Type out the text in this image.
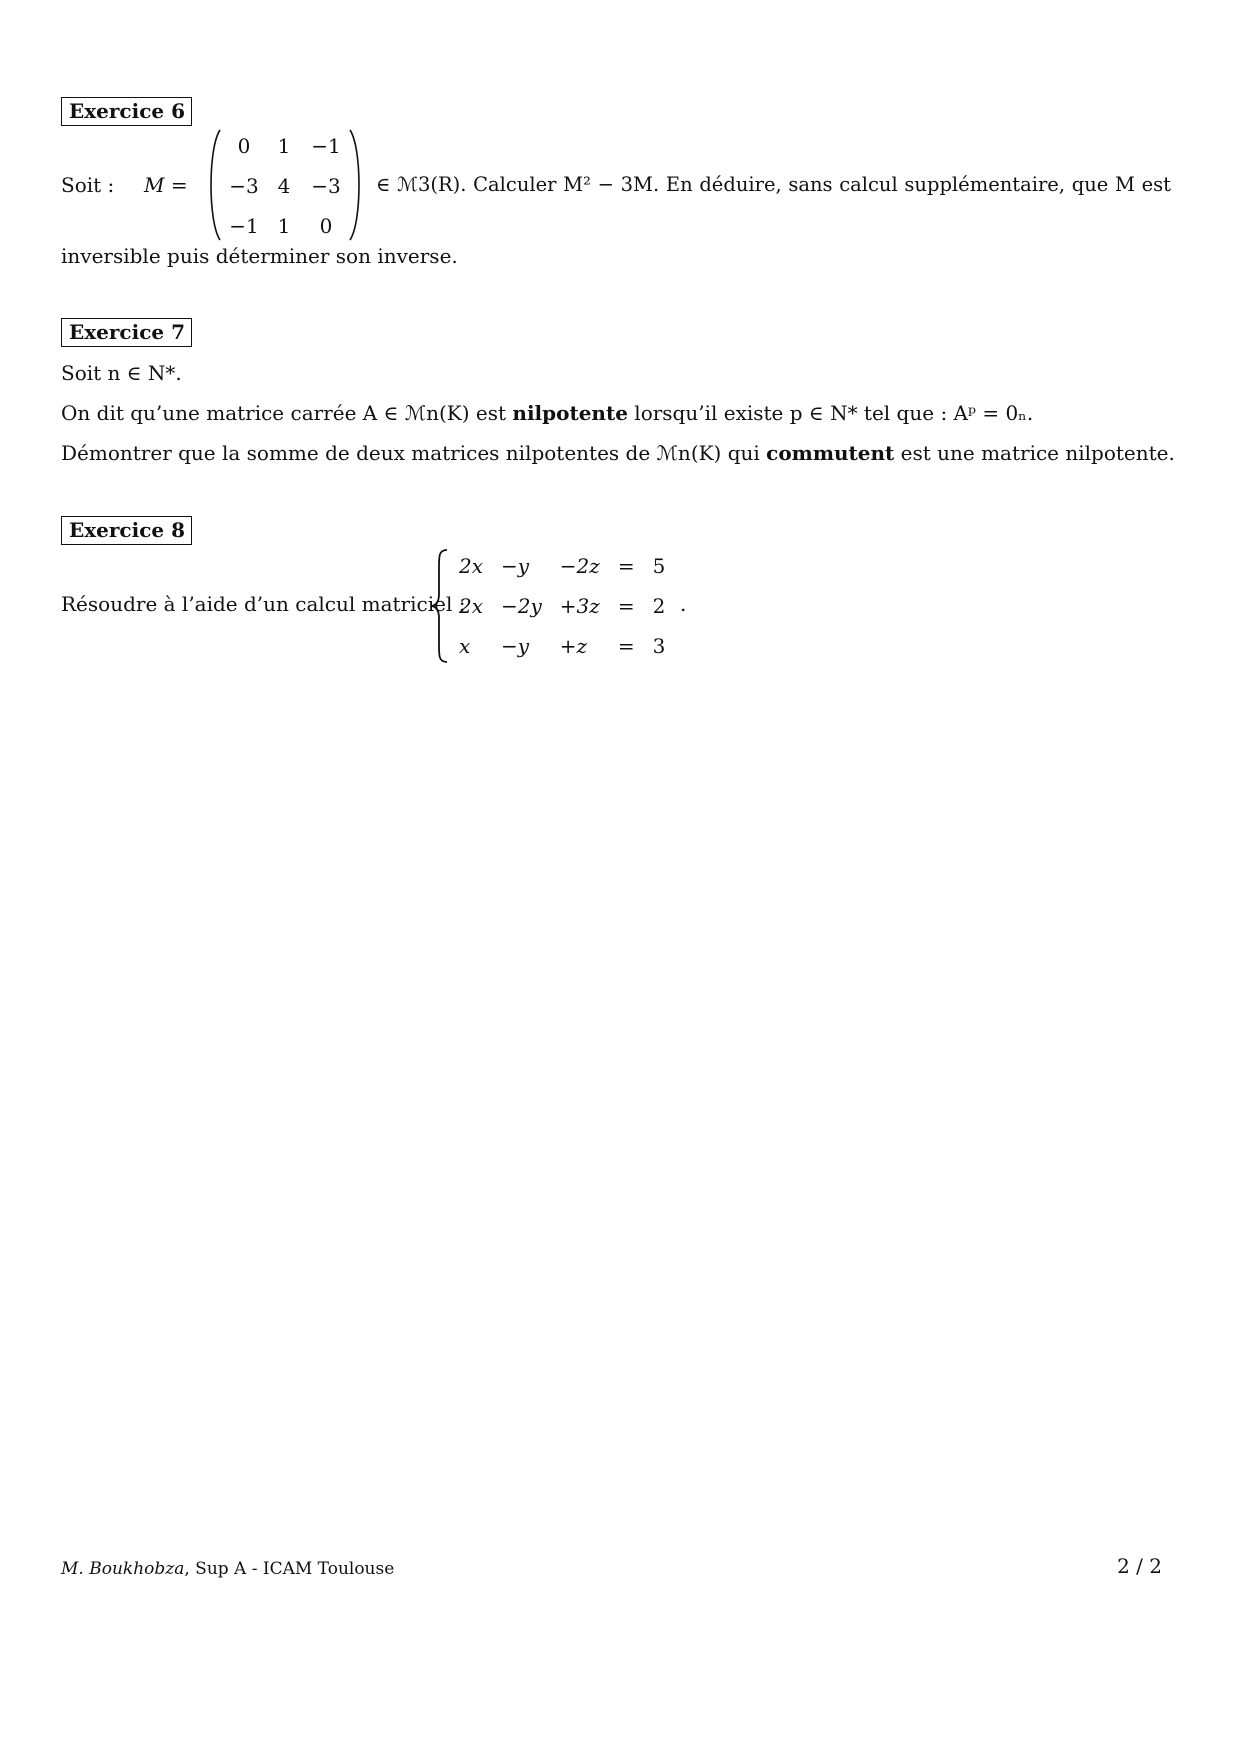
Exercice 6
Soit : M =
0	1	−1
−3 4	−3
−1 1	0
∈ ℳ3(R). Calculer M² − 3M. En déduire, sans calcul supplémentaire, que M est
inversible puis déterminer son inverse.
Exercice 7
Soit n ∈ N*.
On dit qu’une matrice carrée A ∈ ℳn(K) est nilpotente lorsqu’il existe p ∈ N* tel que : Aᵖ = 0ₙ.
Démontrer que la somme de deux matrices nilpotentes de ℳn(K) qui commutent est une matrice nilpotente.
Exercice 8
Résoudre à l’aide d’un calcul matriciel :
2x	−y	−2z	=	5
2x	−2y	+3z	=	2
x	−y	+z	=	3
.
M. Boukhobza, Sup A - ICAM Toulouse	2 / 2
